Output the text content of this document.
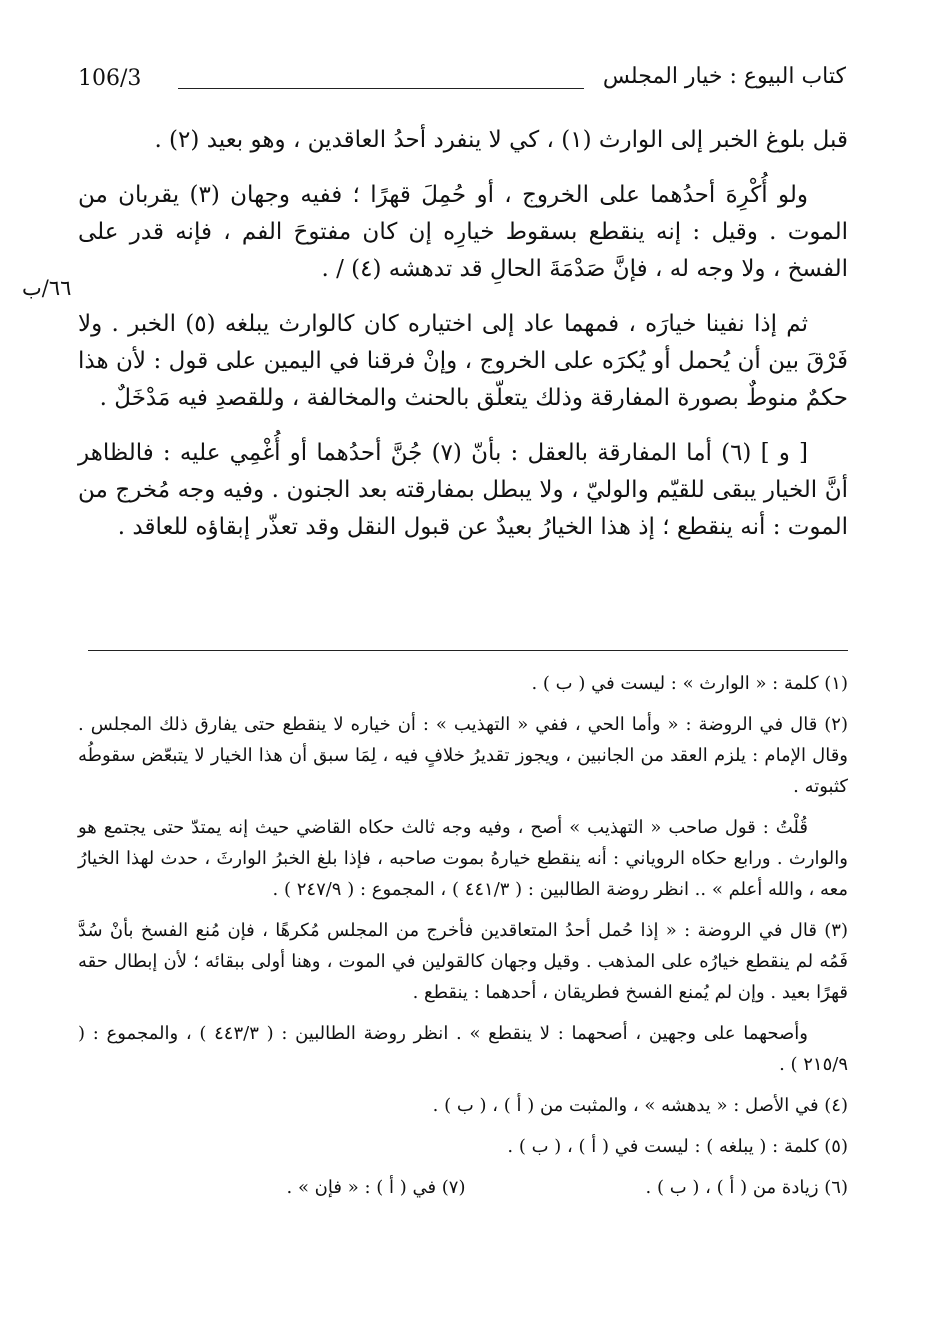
106/3	كتاب البيوع : خيار المجلس
٦٦/ب

قبل بلوغ الخبر إلى الوارث (١) ، كي لا ينفرد أحدُ العاقدين ، وهو بعيد (٢) .

ولو أُكْرِهَ أحدُهما على الخروج ، أو حُمِلَ قهرًا ؛ ففيه وجهان (٣) يقربان من الموت . وقيل : إنه ينقطع بسقوط خيارِه إن كان مفتوحَ الفم ، فإنه قدر على الفسخ ، ولا وجه له ، فإنَّ صَدْمَةَ الحالِ قد تدهشه (٤) / .

ثم إذا نفينا خيارَه ، فمهما عاد إلى اختياره كان كالوارث يبلغه (٥) الخبر . ولا فَرْقَ بين أن يُحمل أو يُكرَه على الخروج ، وإنْ فرقنا في اليمين على قول : لأن هذا حكمٌ منوطٌ بصورة المفارقة وذلك يتعلّق بالحنث والمخالفة ، وللقصدِ فيه مَدْخَلٌ .

[ و ] (٦) أما المفارقة بالعقل : بأنّ (٧) جُنَّ أحدُهما أو أُغْمِي عليه : فالظاهر أنَّ الخيار يبقى للقيّم والوليّ ، ولا يبطل بمفارقته بعد الجنون . وفيه وجه مُخرج من الموت : أنه ينقطع ؛ إذ هذا الخيارُ بعيدٌ عن قبول النقل وقد تعذّر إبقاؤه للعاقد .

(١) كلمة : « الوارث » : ليست في ( ب ) .

(٢) قال في الروضة : « وأما الحي ، ففي « التهذيب » : أن خياره لا ينقطع حتى يفارق ذلك المجلس . وقال الإمام : يلزم العقد من الجانبين ، ويجوز تقديرُ خلافٍ فيه ، لِمَا سبق أن هذا الخيار لا يتبعّض سقوطُه كثبوته .

قُلْتُ : قول صاحب « التهذيب » أصح ، وفيه وجه ثالث حكاه القاضي حيث إنه يمتدّ حتى يجتمع هو والوارث . ورابع حكاه الروياني : أنه ينقطع خيارهُ بموت صاحبه ، فإذا بلغ الخبرُ الوارثَ ، حدث لهذا الخيارُ معه ، والله أعلم » .. انظر روضة الطالبين : ( ٤٤١/٣ ) ، المجموع : ( ٢٤٧/٩ ) .

(٣) قال في الروضة : « إذا حُمل أحدُ المتعاقدين فأخرج من المجلس مُكرهًا ، فإن مُنع الفسخ بأنْ سُدَّ فَمُه لم ينقطع خيارُه على المذهب . وقيل وجهان كالقولين في الموت ، وهنا أولى ببقائه ؛ لأن إبطال حقه قهرًا بعيد . وإن لم يُمنع الفسخ فطريقان ، أحدهما : ينقطع .

وأصحهما على وجهين ، أصحهما : لا ينقطع » . انظر روضة الطالبين : ( ٤٤٣/٣ ) ، والمجموع : ( ٢١٥/٩ ) .

(٤) في الأصل : « يدهشه » ، والمثبت من ( أ ) ، ( ب ) .

(٥) كلمة : ( يبلغه ) : ليست في ( أ ) ، ( ب ) .

(٦) زيادة من ( أ ) ، ( ب ) .
(٧) في ( أ ) : « فإن » .
